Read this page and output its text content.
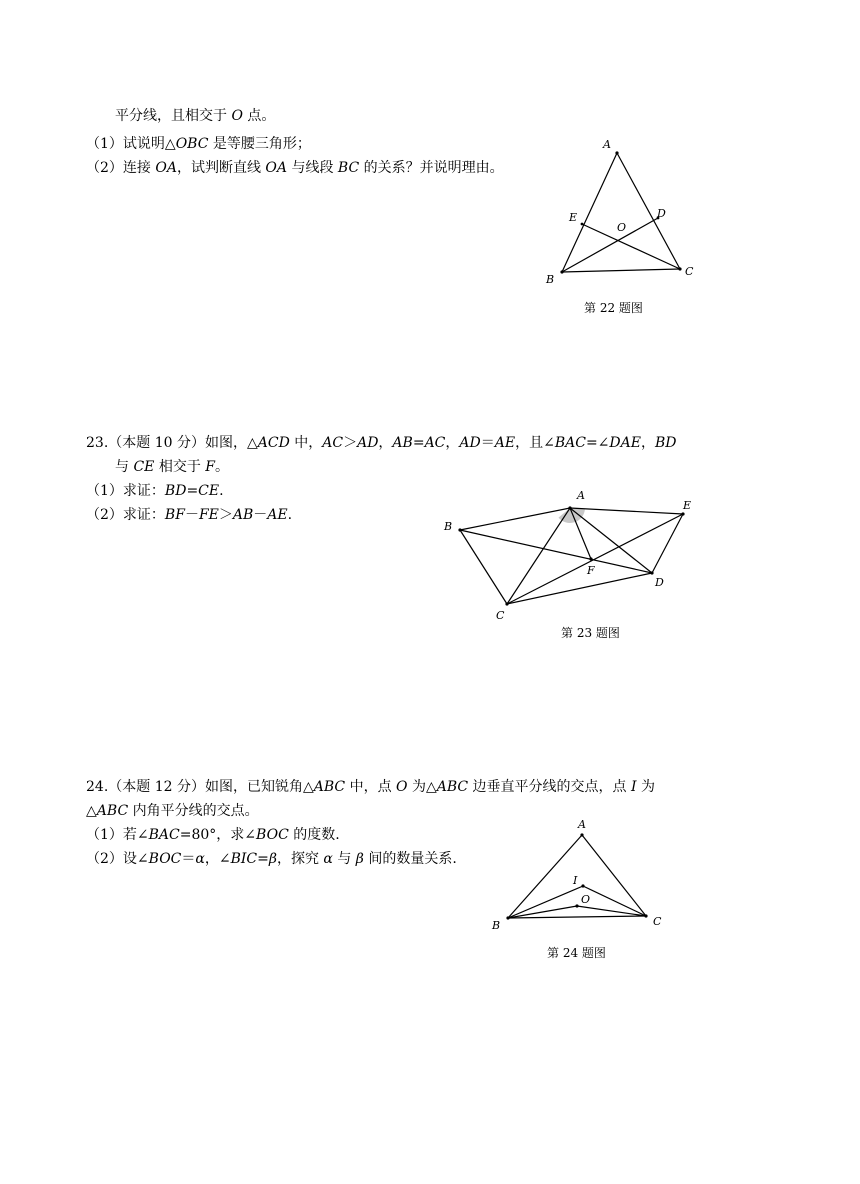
平分线，且相交于 O 点。
（1）试说明△OBC 是等腰三角形；
（2）连接 OA，试判断直线 OA 与线段 BC 的关系？并说明理由。
A
B
C
D
E
O
第 22 题图
23.（本题 10 分）如图，△ACD 中，AC＞AD，AB=AC，AD＝AE，且∠BAC=∠DAE，BD
与 CE 相交于 F。
（1）求证：BD=CE.
（2）求证：BF－FE＞AB－AE.
A
B
C
D
E
F
第 23 题图
24.（本题 12 分）如图，已知锐角△ABC 中，点 O 为△ABC 边垂直平分线的交点，点 I 为
△ABC 内角平分线的交点。
（1）若∠BAC=80°，求∠BOC 的度数.
（2）设∠BOC＝α，∠BIC=β，探究 α 与 β 间的数量关系.
A
B	C
I
O
第 24 题图
